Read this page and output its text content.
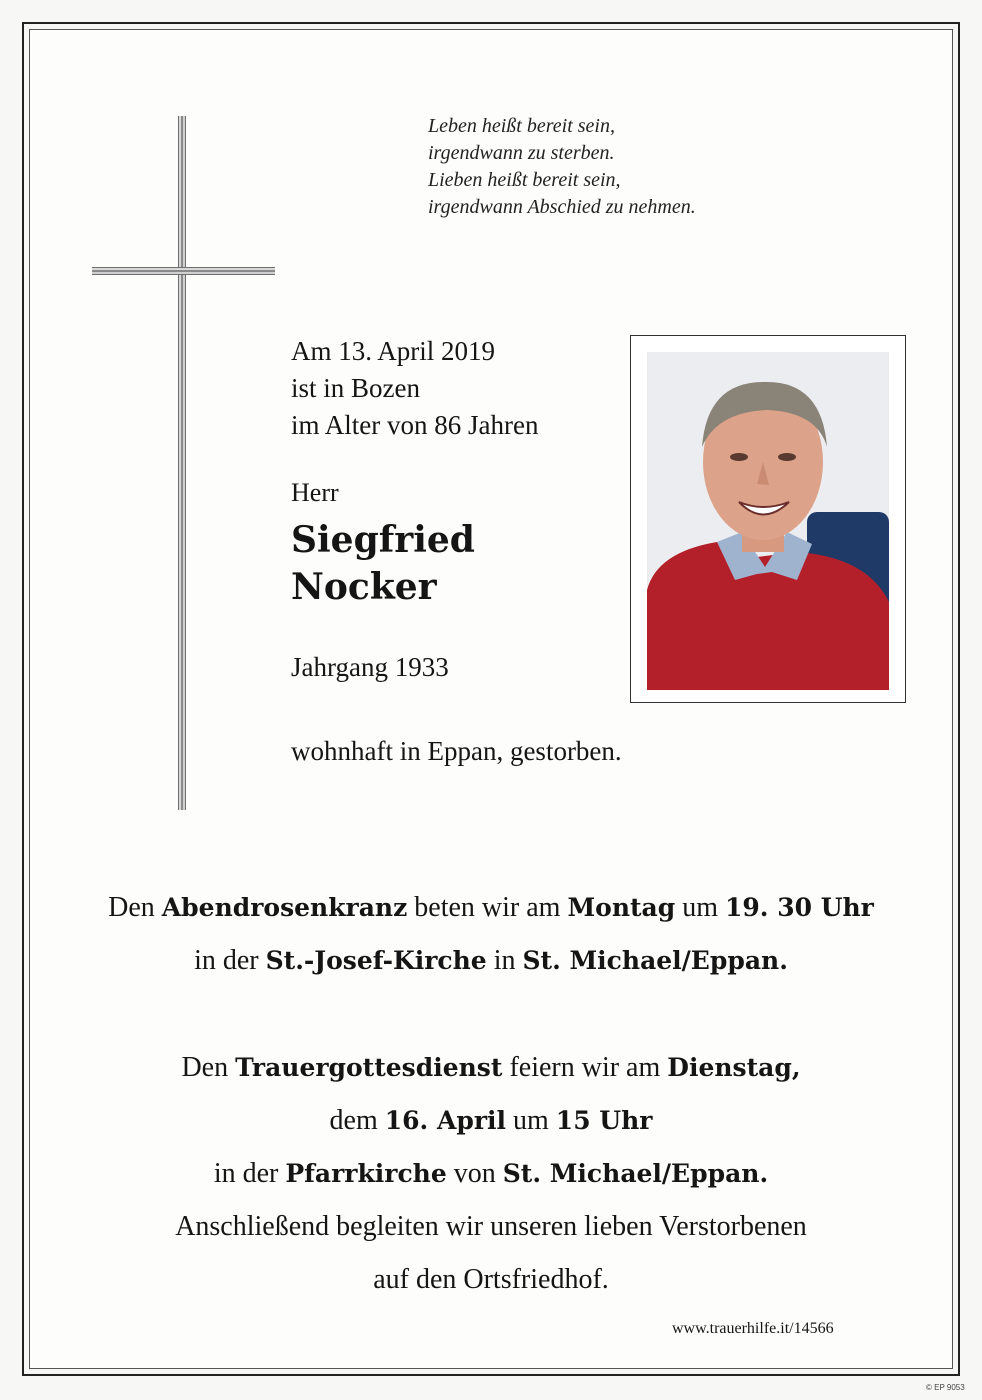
Leben heißt bereit sein,
irgendwann zu sterben.
Lieben heißt bereit sein,
irgendwann Abschied zu nehmen.
Am 13. April 2019
ist in Bozen
im Alter von 86 Jahren
Herr
Siegfried
Nocker
Jahrgang 1933
wohnhaft in Eppan, gestorben.
Den Abendrosenkranz beten wir am Montag um 19. 30 Uhr
in der St.-Josef-Kirche in St. Michael/Eppan.
Den Trauergottesdienst feiern wir am Dienstag,
dem 16. April um 15 Uhr
in der Pfarrkirche von St. Michael/Eppan.
Anschließend begleiten wir unseren lieben Verstorbenen
auf den Ortsfriedhof.
www.trauerhilfe.it/14566
© EP 9053
